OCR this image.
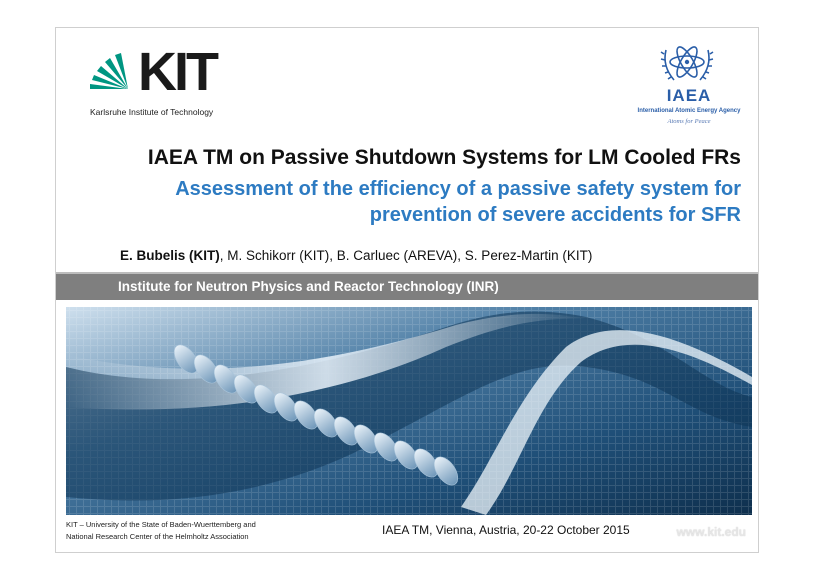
KIT
Karlsruhe Institute of Technology
IAEA
International Atomic Energy Agency
Atoms for Peace
IAEA TM on Passive Shutdown Systems for LM Cooled FRs
Assessment of the efficiency of a passive safety system for
prevention of severe accidents for SFR
E. Bubelis (KIT), M. Schikorr (KIT), B. Carluec (AREVA), S. Perez-Martin (KIT)
Institute for Neutron Physics and Reactor Technology (INR)
KIT – University of the State of Baden-Wuerttemberg and
National Research Center of the Helmholtz Association	IAEA TM, Vienna, Austria, 20-22 October 2015	www.kit.edu
